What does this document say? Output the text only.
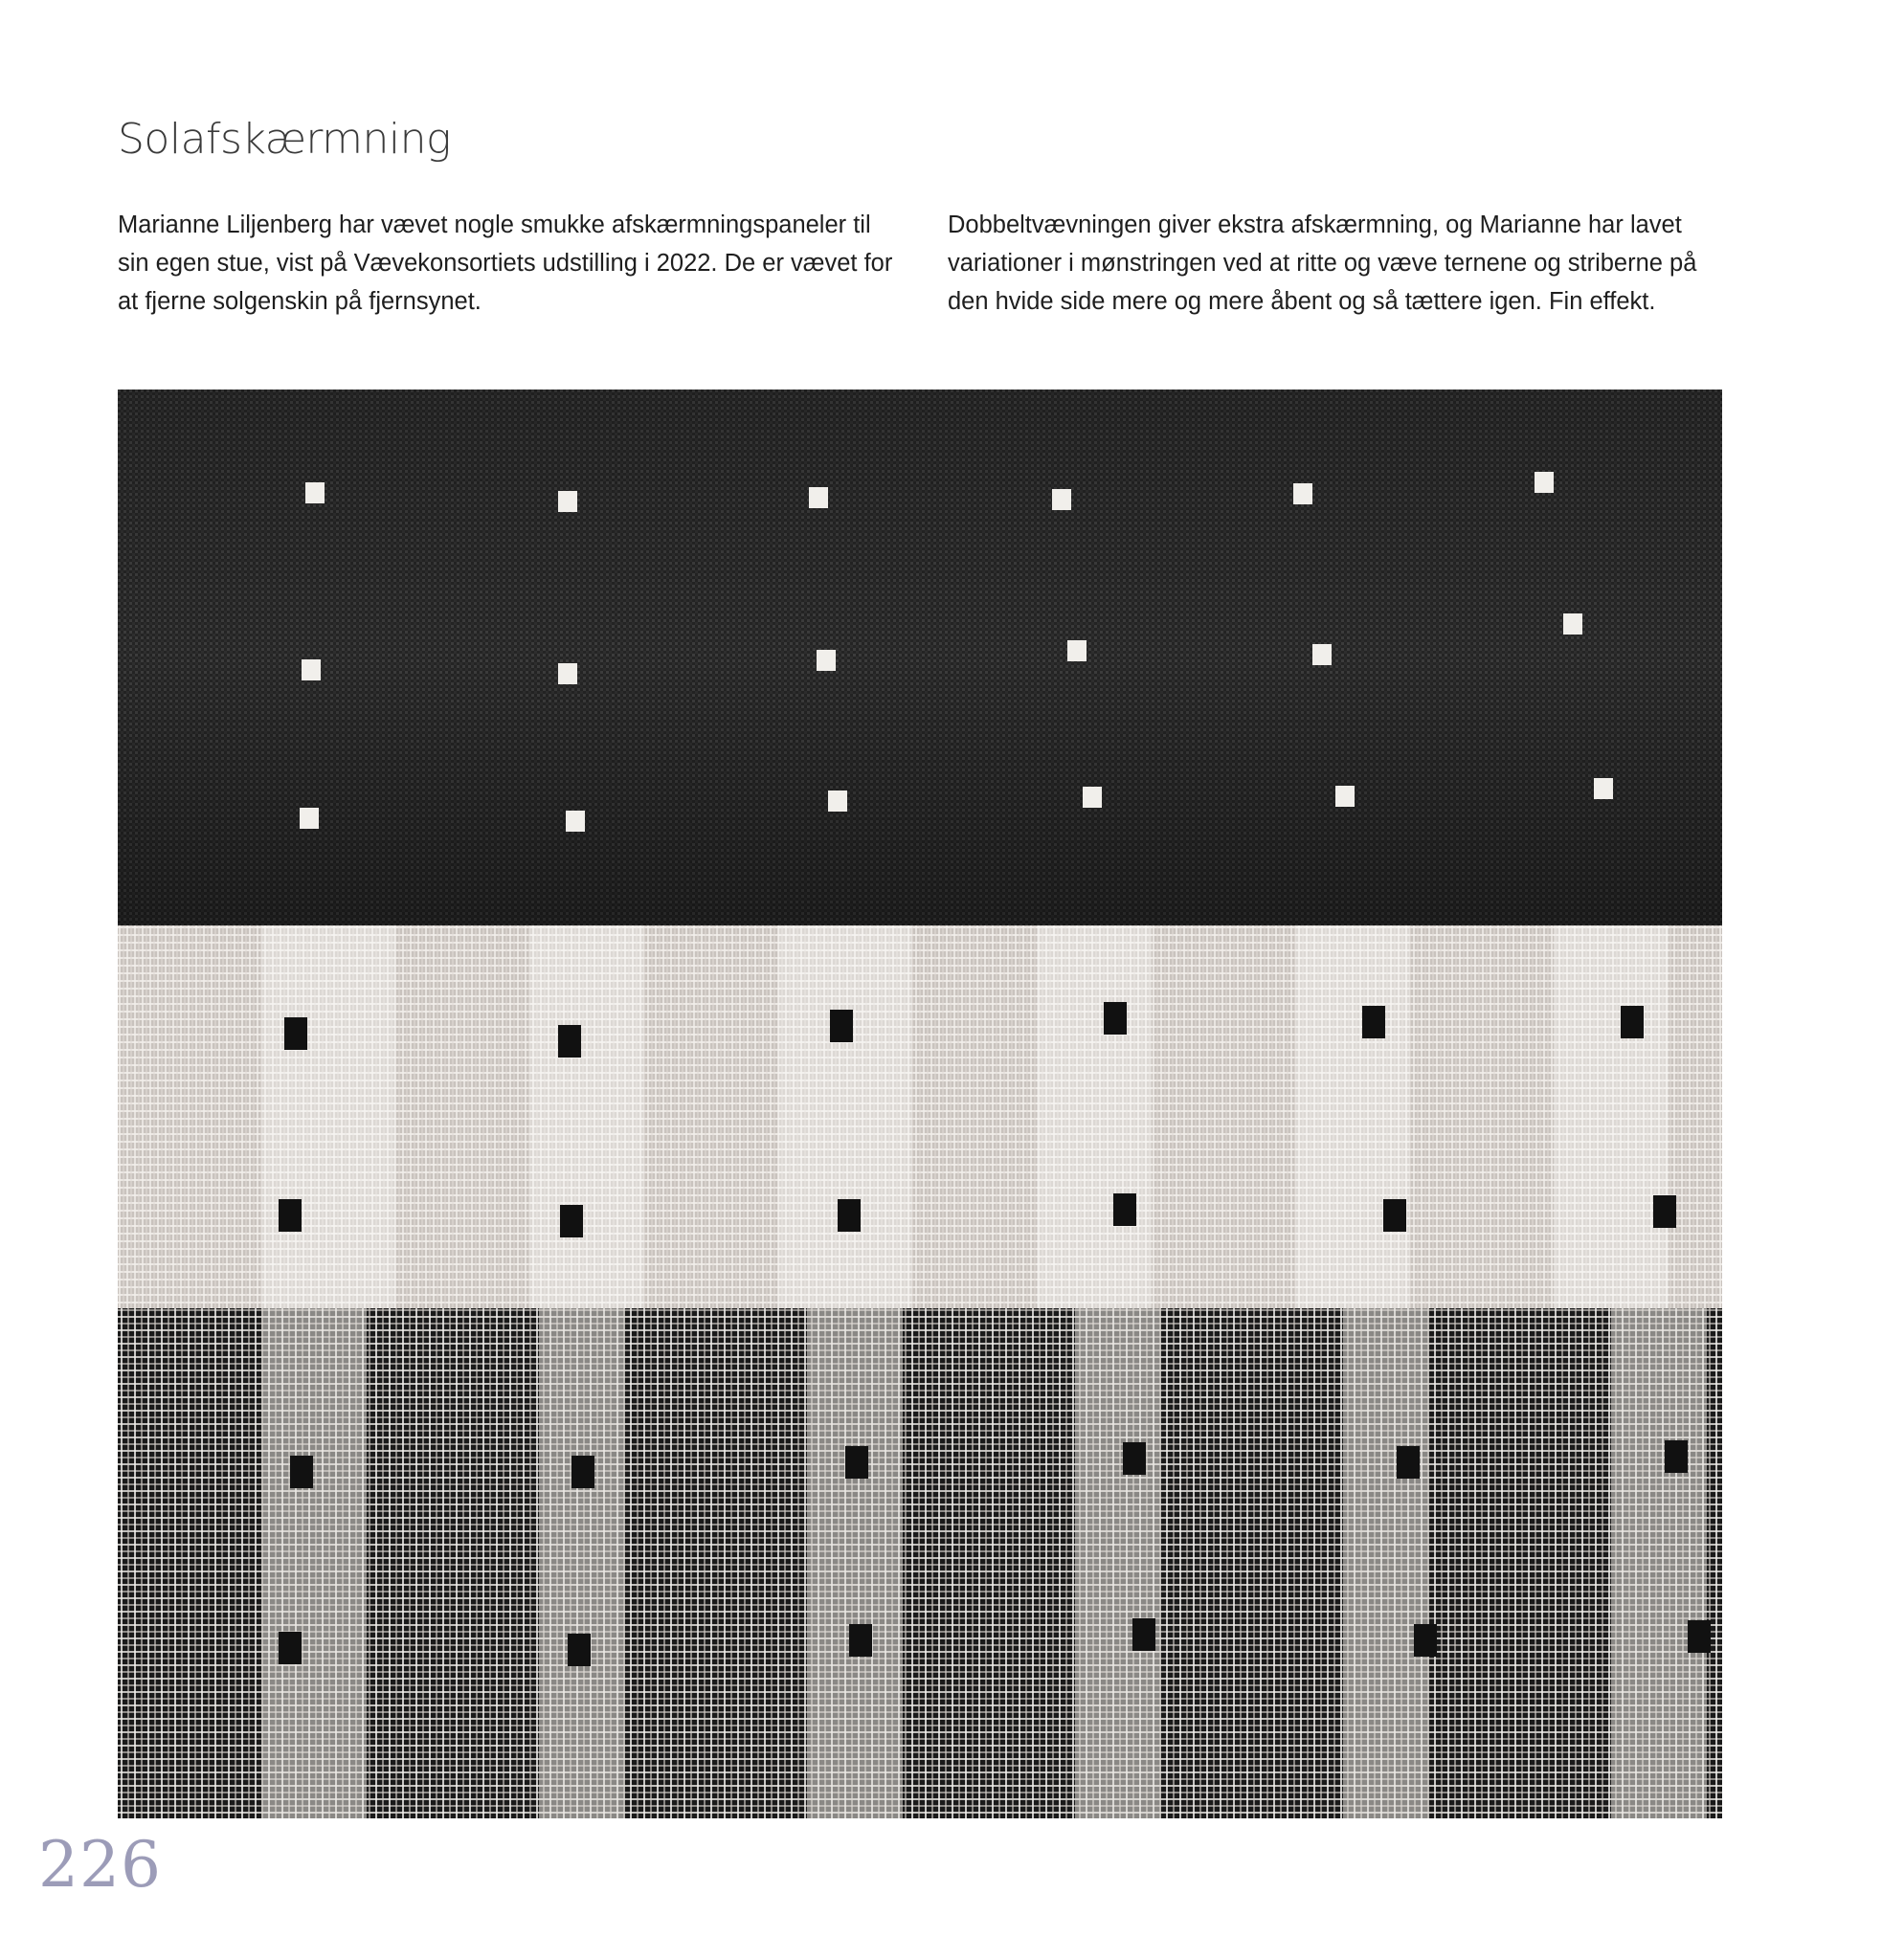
Solafskærmning

Marianne Liljenberg har vævet nogle smukke afskærmningspaneler til sin egen stue, vist på Vævekonsortiets udstilling i 2022. De er vævet for at fjerne solgenskin på fjernsynet.

Dobbeltvævningen giver ekstra afskærmning, og Marianne har lavet variationer i mønstringen ved at ritte og væve ternene og striberne på den hvide side mere og mere åbent og så tættere igen. Fin effekt.

226
